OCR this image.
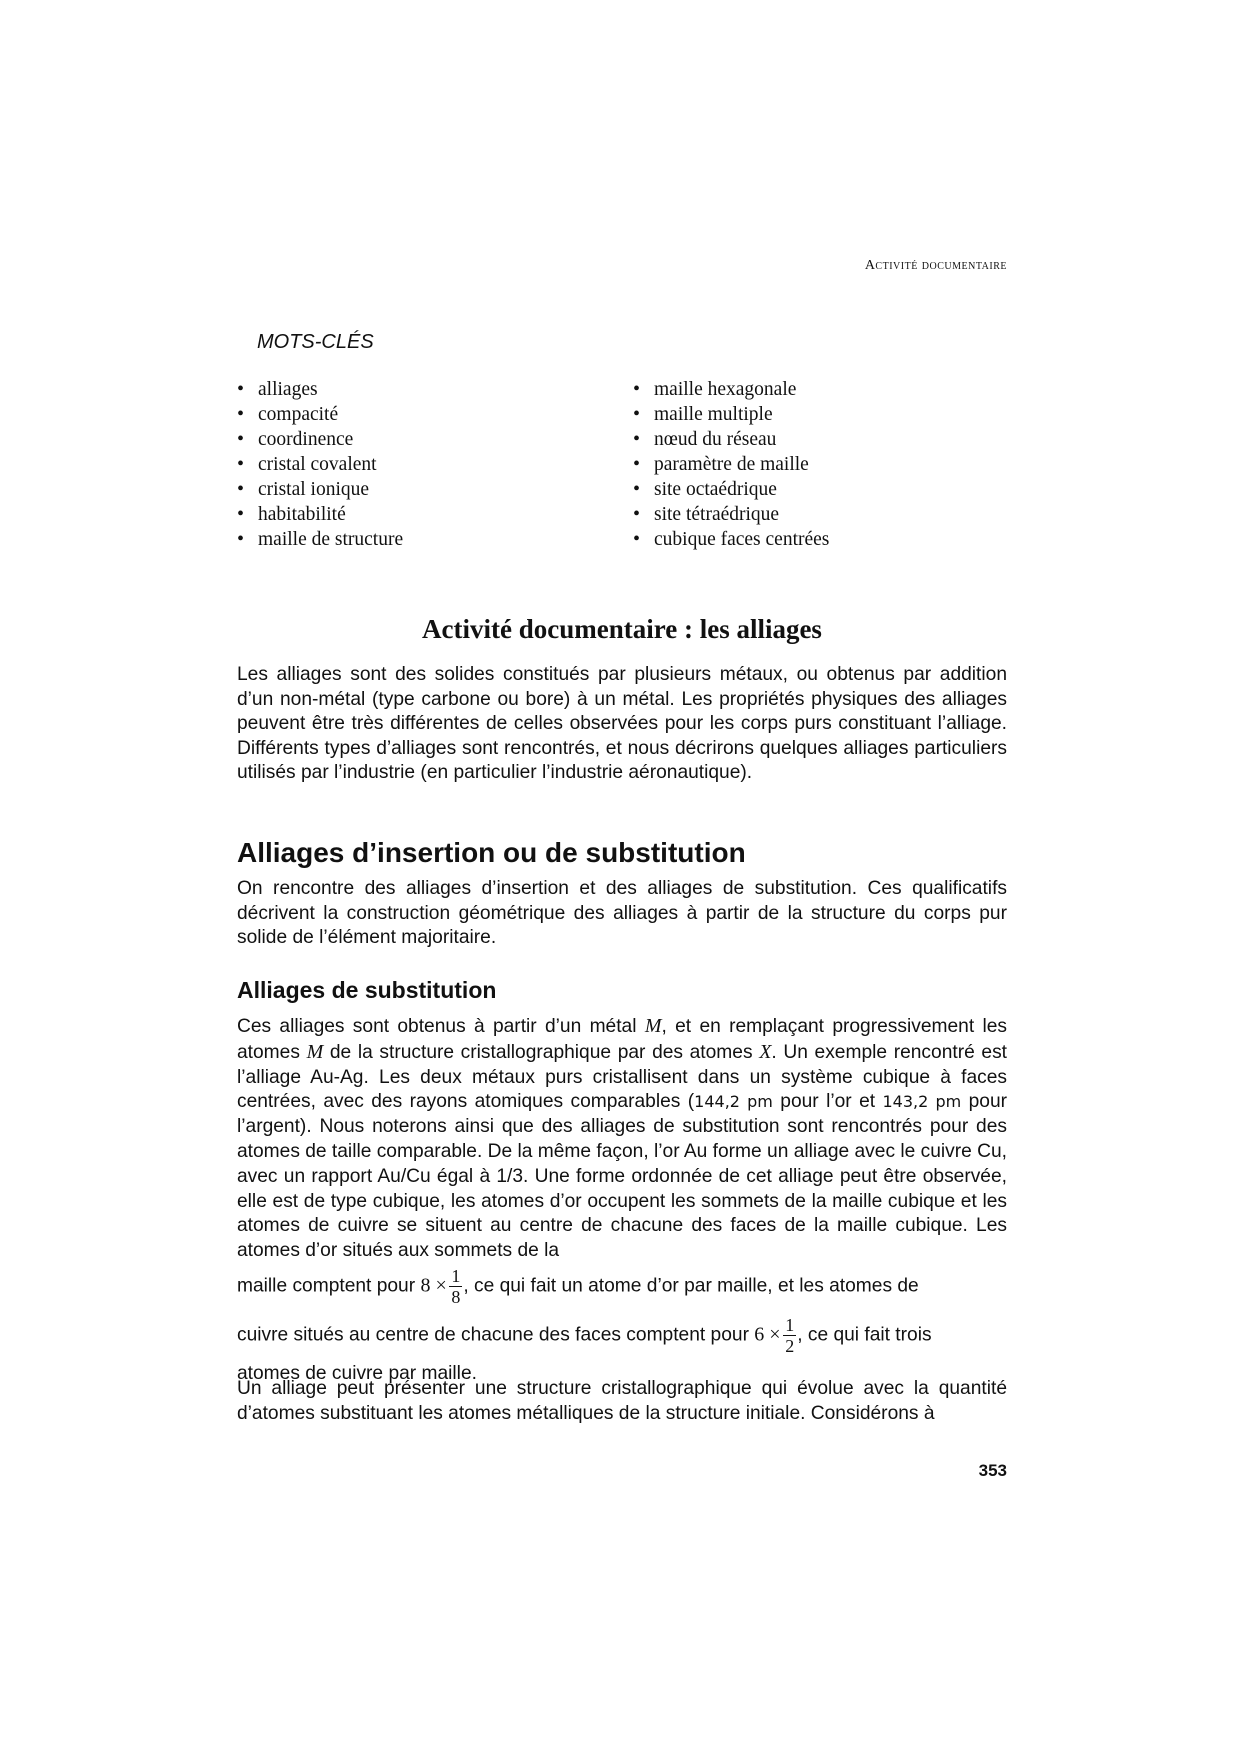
Activité documentaire
MOTS-CLÉS
• alliages
• compacité
• coordinence
• cristal covalent
• cristal ionique
• habitabilité
• maille de structure
• maille hexagonale
• maille multiple
• nœud du réseau
• paramètre de maille
• site octaédrique
• site tétraédrique
• cubique faces centrées
Activité documentaire : les alliages

Les alliages sont des solides constitués par plusieurs métaux, ou obtenus par addition d’un non-métal (type carbone ou bore) à un métal. Les propriétés physiques des alliages peuvent être très différentes de celles observées pour les corps purs constituant l’alliage. Différents types d’alliages sont rencontrés, et nous décrirons quelques alliages particuliers utilisés par l’industrie (en particulier l’industrie aéronautique).

Alliages d’insertion ou de substitution

On rencontre des alliages d’insertion et des alliages de substitution. Ces qualificatifs décrivent la construction géométrique des alliages à partir de la structure du corps pur solide de l’élément majoritaire.

Alliages de substitution
Ces alliages sont obtenus à partir d’un métal M, et en remplaçant progressivement les atomes M de la structure cristallographique par des atomes X. Un exemple rencontré est l’alliage Au-Ag. Les deux métaux purs cristallisent dans un système cubique à faces centrées, avec des rayons atomiques comparables (144,2 pm pour l’or et 143,2 pm pour l’argent). Nous noterons ainsi que des alliages de substitution sont rencontrés pour des atomes de taille comparable. De la même façon, l’or Au forme un alliage avec le cuivre Cu, avec un rapport Au/Cu égal à 1/3. Une forme ordonnée de cet alliage peut être observée, elle est de type cubique, les atomes d’or occupent les sommets de la maille cubique et les atomes de cuivre se situent au centre de chacune des faces de la maille cubique. Les atomes d’or situés aux sommets de la
maille comptent pour 8 ×  $\frac{1}{8}$ , ce qui fait un atome d’or par maille, et les atomes de
cuivre situés au centre de chacune des faces comptent pour 6 ×  $\frac{1}{2}$ , ce qui fait trois
atomes de cuivre par maille.

Un alliage peut présenter une structure cristallographique qui évolue avec la quantité d’atomes substituant les atomes métalliques de la structure initiale. Considérons à

353
